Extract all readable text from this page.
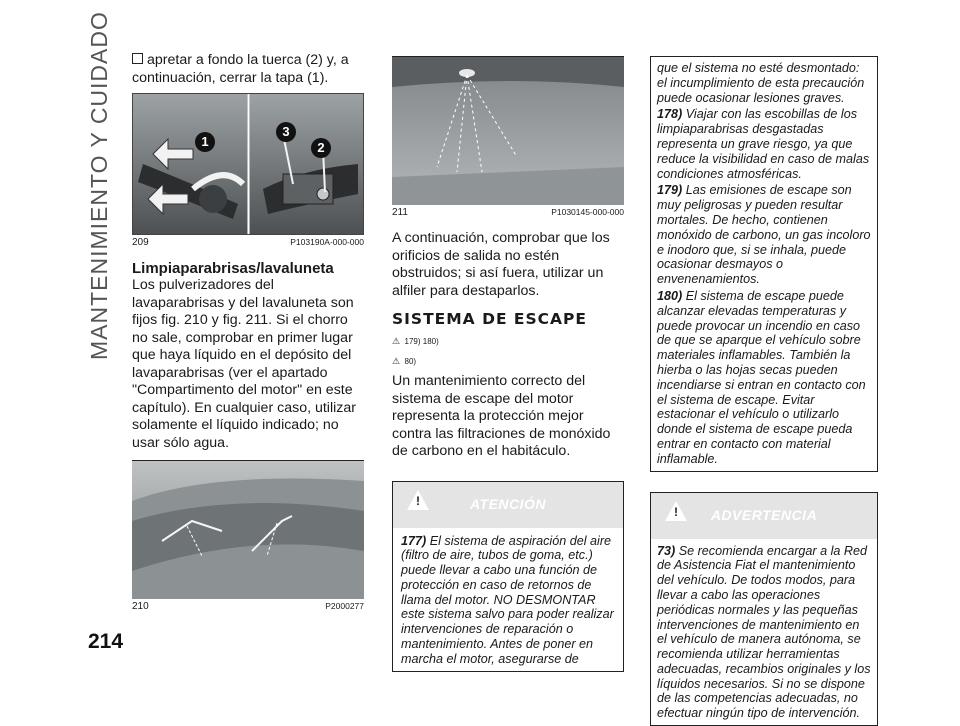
MANTENIMIENTO Y CUIDADO
214

apretar a fondo la tuerca (2) y, a continuación, cerrar la tapa (1).

1
3
2
209	P103190A-000-000

Limpiaparabrisas/lavaluneta

Los pulverizadores del lavaparabrisas y del lavaluneta son fijos fig. 210 y fig. 211. Si el chorro no sale, comprobar en primer lugar que haya líquido en el depósito del lavaparabrisas (ver el apartado "Compartimento del motor" en este capítulo). En cualquier caso, utilizar solamente el líquido indicado; no usar sólo agua.

210	P2000277
211	P1030145-000-000

A continuación, comprobar que los orificios de salida no estén obstruidos; si así fuera, utilizar un alfiler para destaparlos.

SISTEMA DE ESCAPE

⚠ 179) 180)
⚠ 80)

Un mantenimiento correcto del sistema de escape del motor representa la protección mejor contra las filtraciones de monóxido de carbono en el habitáculo.

!
ATENCIÓN

177) El sistema de aspiración del aire (filtro de aire, tubos de goma, etc.) puede llevar a cabo una función de protección en caso de retornos de llama del motor. NO DESMONTAR este sistema salvo para poder realizar intervenciones de reparación o mantenimiento. Antes de poner en marcha el motor, asegurarse de

que el sistema no esté desmontado: el incumplimiento de esta precaución puede ocasionar lesiones graves.

178) Viajar con las escobillas de los limpiaparabrisas desgastadas representa un grave riesgo, ya que reduce la visibilidad en caso de malas condiciones atmosféricas.

179) Las emisiones de escape son muy peligrosas y pueden resultar mortales. De hecho, contienen monóxido de carbono, un gas incoloro e inodoro que, si se inhala, puede ocasionar desmayos o envenenamientos.

180) El sistema de escape puede alcanzar elevadas temperaturas y puede provocar un incendio en caso de que se aparque el vehículo sobre materiales inflamables. También la hierba o las hojas secas pueden incendiarse si entran en contacto con el sistema de escape. Evitar estacionar el vehículo o utilizarlo donde el sistema de escape pueda entrar en contacto con material inflamable.

!
ADVERTENCIA

73) Se recomienda encargar a la Red de Asistencia Fiat el mantenimiento del vehículo. De todos modos, para llevar a cabo las operaciones periódicas normales y las pequeñas intervenciones de mantenimiento en el vehículo de manera autónoma, se recomienda utilizar herramientas adecuadas, recambios originales y los líquidos necesarios. Si no se dispone de las competencias adecuadas, no efectuar ningún tipo de intervención.
